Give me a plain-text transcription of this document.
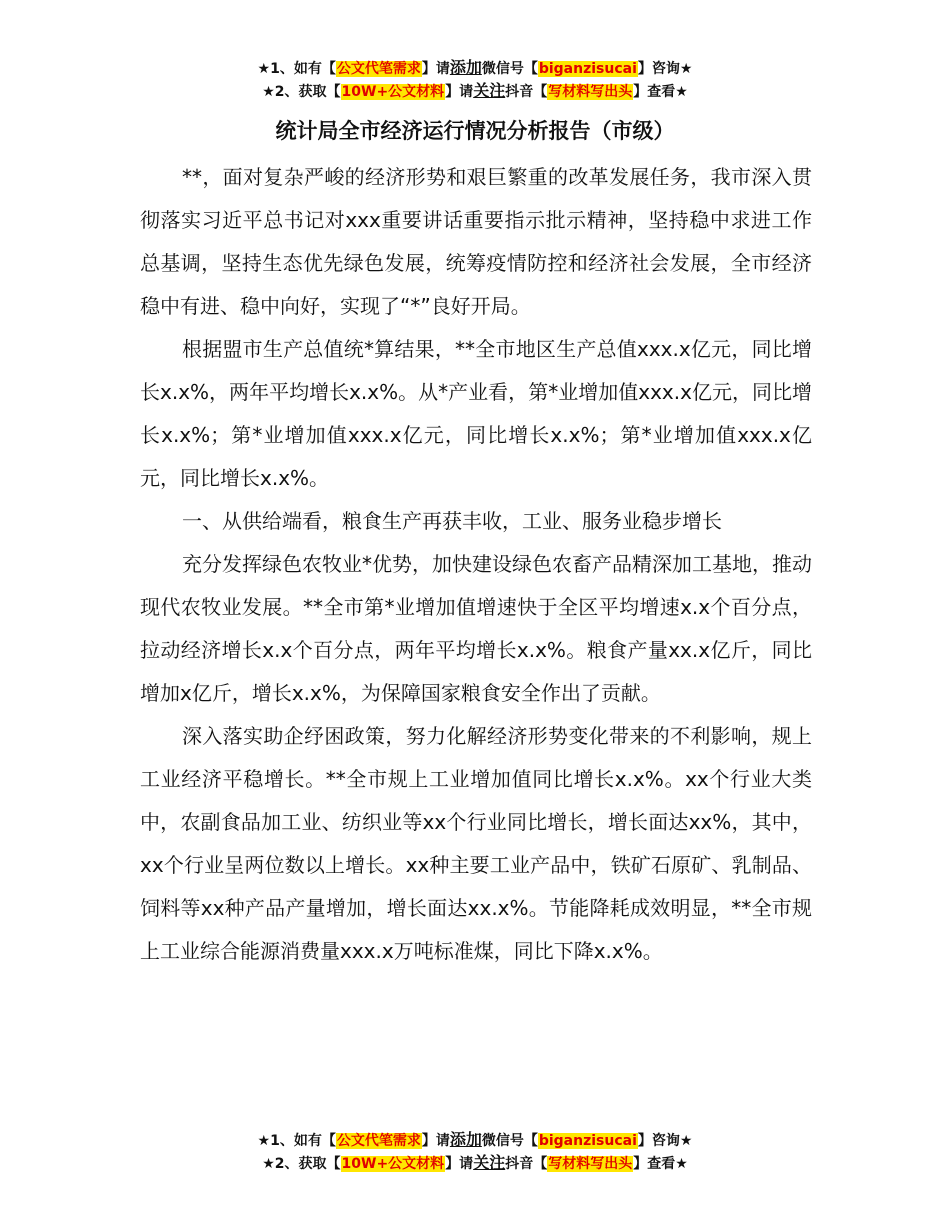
★1、如有【公文代笔需求】请添加微信号【biganzisucai】咨询★
★2、获取【10W+公文材料】请关注抖音【写材料写出头】查看★
统计局全市经济运行情况分析报告（市级）

**，面对复杂严峻的经济形势和艰巨繁重的改革发展任务，我市深入贯彻落实习近平总书记对xxx重要讲话重要指示批示精神，坚持稳中求进工作总基调，坚持生态优先绿色发展，统筹疫情防控和经济社会发展，全市经济稳中有进、稳中向好，实现了“*”良好开局。

根据盟市生产总值统*算结果，**全市地区生产总值xxx.x亿元，同比增长x.x%，两年平均增长x.x%。从*产业看，第*业增加值xxx.x亿元，同比增长x.x%；第*业增加值xxx.x亿元，同比增长x.x%；第*业增加值xxx.x亿元，同比增长x.x%。

一、从供给端看，粮食生产再获丰收，工业、服务业稳步增长

充分发挥绿色农牧业*优势，加快建设绿色农畜产品精深加工基地，推动现代农牧业发展。**全市第*业增加值增速快于全区平均增速x.x个百分点，拉动经济增长x.x个百分点，两年平均增长x.x%。粮食产量xx.x亿斤，同比增加x亿斤，增长x.x%，为保障国家粮食安全作出了贡献。

深入落实助企纾困政策，努力化解经济形势变化带来的不利影响，规上工业经济平稳增长。**全市规上工业增加值同比增长x.x%。xx个行业大类中，农副食品加工业、纺织业等xx个行业同比增长，增长面达xx%，其中，xx个行业呈两位数以上增长。xx种主要工业产品中，铁矿石原矿、乳制品、饲料等xx种产品产量增加，增长面达xx.x%。节能降耗成效明显，**全市规上工业综合能源消费量xxx.x万吨标准煤，同比下降x.x%。

★1、如有【公文代笔需求】请添加微信号【biganzisucai】咨询★
★2、获取【10W+公文材料】请关注抖音【写材料写出头】查看★
